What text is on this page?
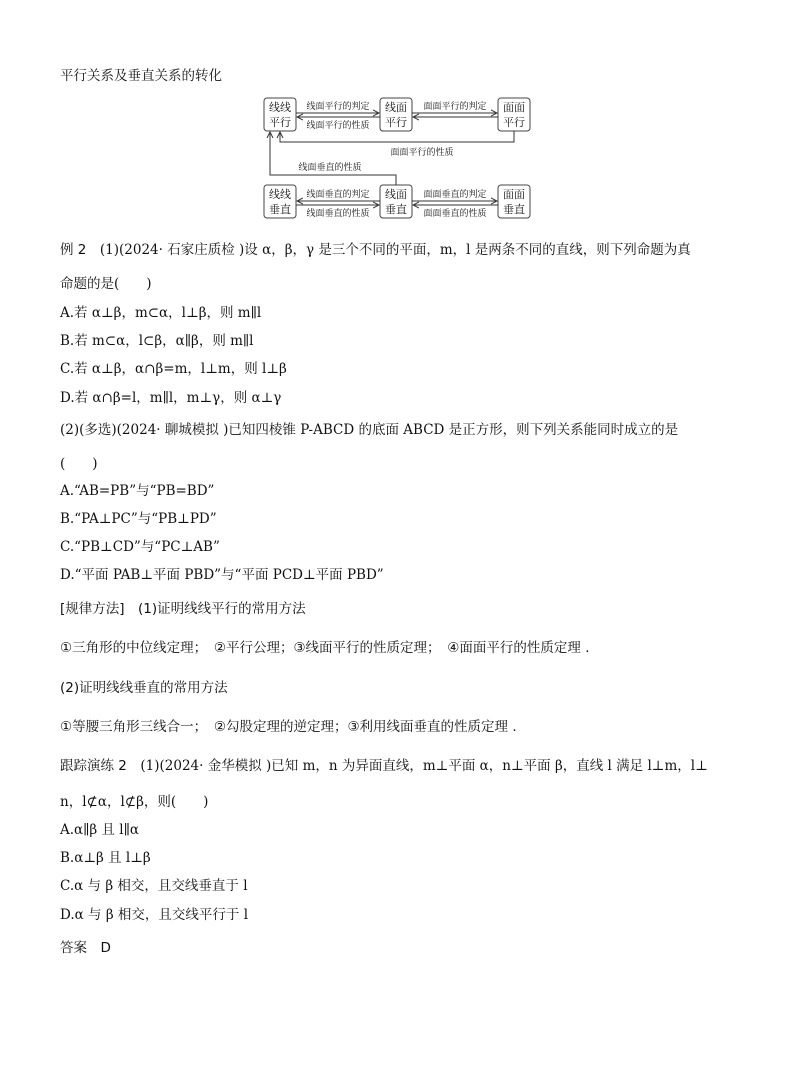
平行关系及垂直关系的转化
线线
平行
线面
平行
面面
平行
线线
垂直
线面
垂直
面面
垂直
线面平行的判定
线面平行的性质
面面平行的判定
面面平行的性质
线面垂直的性质
线面垂直的判定
线面垂直的性质
面面垂直的判定
面面垂直的性质
例 2  (1)(2024· 石家庄质检 )设 α，β，γ 是三个不同的平面，m，l 是两条不同的直线，则下列命题为真
命题的是(　　)
A.若 α⊥β，m⊂α，l⊥β，则 m∥l
B.若 m⊂α，l⊂β，α∥β，则 m∥l
C.若 α⊥β，α∩β=m，l⊥m，则 l⊥β
D.若 α∩β=l，m∥l，m⊥γ，则 α⊥γ
(2)(多选)(2024· 聊城模拟 )已知四棱锥 P-ABCD 的底面 ABCD 是正方形，则下列关系能同时成立的是
(　　)
A.“AB=PB”与“PB=BD”
B.“PA⊥PC”与“PB⊥PD”
C.“PB⊥CD”与“PC⊥AB”
D.“平面 PAB⊥平面 PBD”与“平面 PCD⊥平面 PBD”
[规律方法]　(1)证明线线平行的常用方法
①三角形的中位线定理；　②平行公理；③线面平行的性质定理；　④面面平行的性质定理 .
(2)证明线线垂直的常用方法
①等腰三角形三线合一；　②勾股定理的逆定理；③利用线面垂直的性质定理 .
跟踪演练 2　(1)(2024· 金华模拟 )已知 m，n 为异面直线，m⊥平面 α，n⊥平面 β，直线 l 满足 l⊥m，l⊥
n，l⊄α，l⊄β，则(　　)
A.α∥β 且 l∥α
B.α⊥β 且 l⊥β
C.α 与 β 相交，且交线垂直于 l
D.α 与 β 相交，且交线平行于 l
答案　D
